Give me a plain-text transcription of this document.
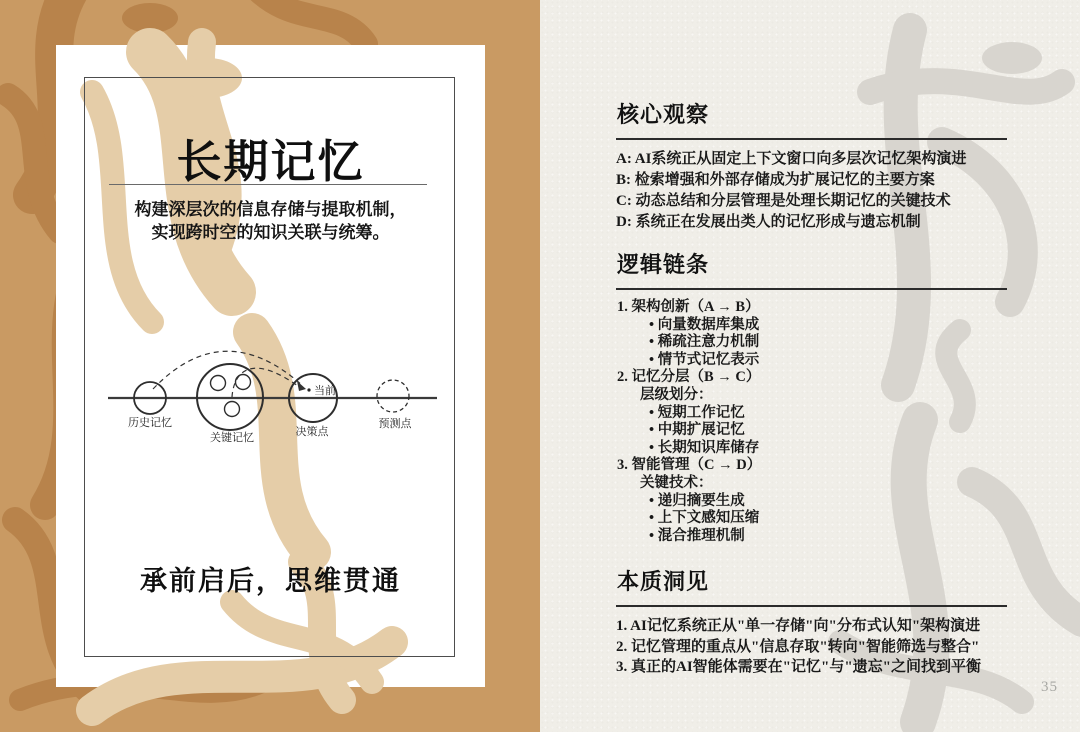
长期记忆
构建深层次的信息存储与提取机制，
实现跨时空的知识关联与统筹。
历史记忆
关键记忆	决策点
当前
预测点
承前启后，思维贯通
核心观察
A: AI系统正从固定上下文窗口向多层次记忆架构演进
B: 检索增强和外部存储成为扩展记忆的主要方案
C: 动态总结和分层管理是处理长期记忆的关键技术
D: 系统正在发展出类人的记忆形成与遗忘机制
逻辑链条
1. 架构创新（A → B）
• 向量数据库集成
• 稀疏注意力机制
• 情节式记忆表示
2. 记忆分层（B → C）
层级划分：
• 短期工作记忆
• 中期扩展记忆
• 长期知识库储存
3. 智能管理（C → D）
关键技术：
• 递归摘要生成
• 上下文感知压缩
• 混合推理机制
本质洞见
1. AI记忆系统正从"单一存储"向"分布式认知"架构演进
2. 记忆管理的重点从"信息存取"转向"智能筛选与整合"
3. 真正的AI智能体需要在"记忆"与"遗忘"之间找到平衡
35
